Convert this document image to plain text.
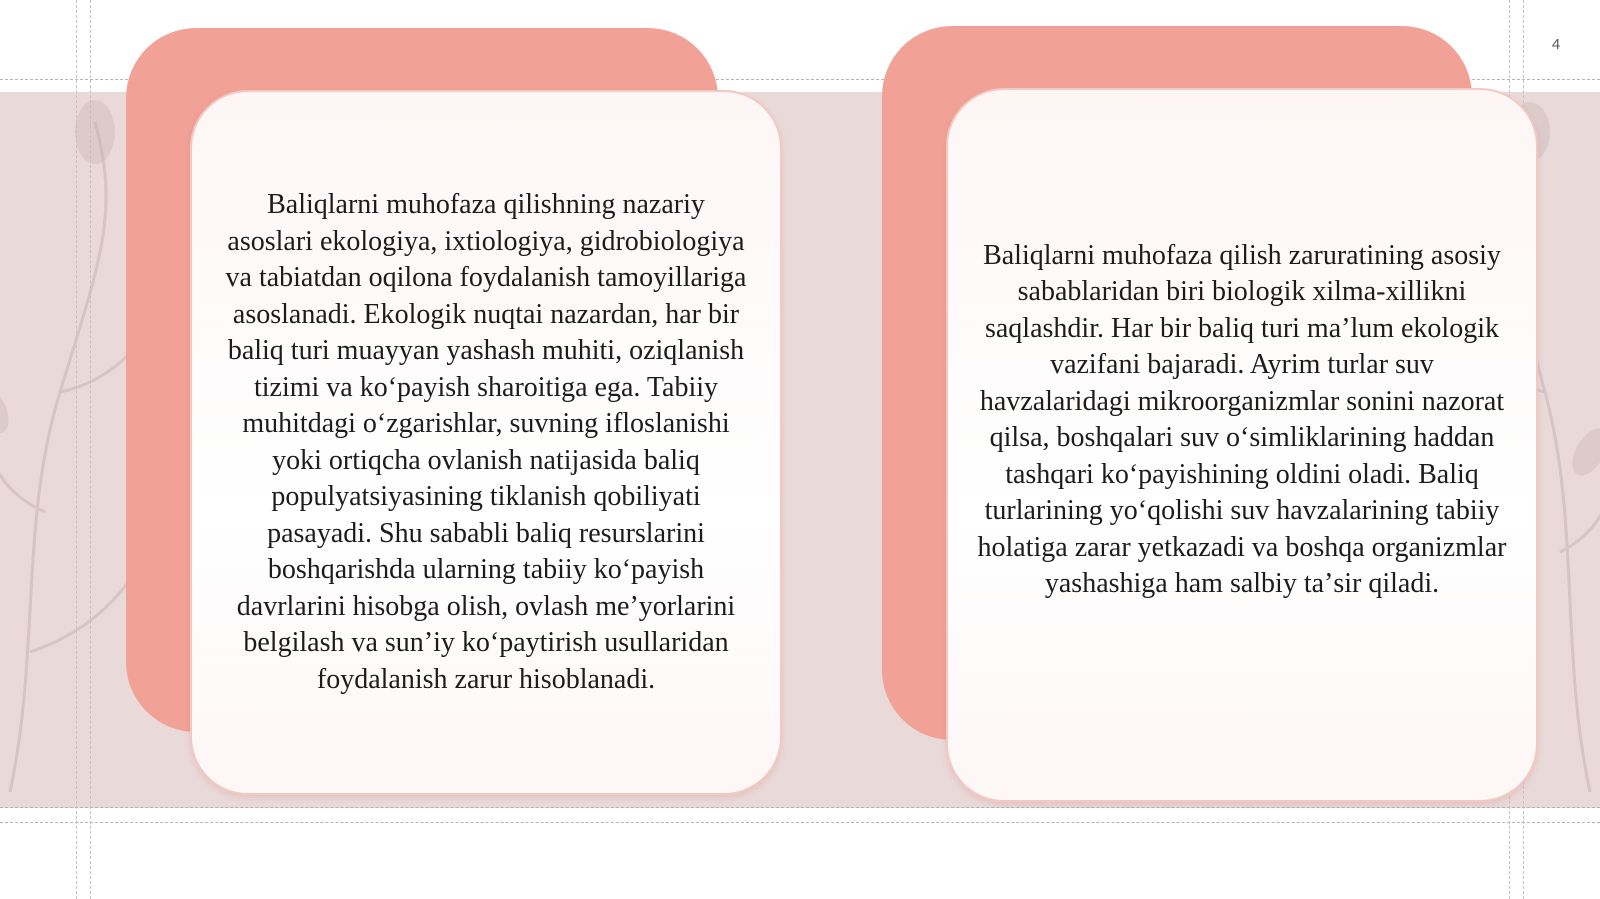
4

Baliqlarni muhofaza qilishning nazariy asoslari ekologiya, ixtiologiya, gidrobiologiya va tabiatdan oqilona foydalanish tamoyillariga asoslanadi. Ekologik nuqtai nazardan, har bir baliq turi muayyan yashash muhiti, oziqlanish tizimi va koʻpayish sharoitiga ega. Tabiiy muhitdagi oʻzgarishlar, suvning ifloslanishi yoki ortiqcha ovlanish natijasida baliq populyatsiyasining tiklanish qobiliyati pasayadi. Shu sababli baliq resurslarini boshqarishda ularning tabiiy koʻpayish davrlarini hisobga olish, ovlash meʼyorlarini belgilash va sunʼiy koʻpaytirish usullaridan foydalanish zarur hisoblanadi.

Baliqlarni muhofaza qilish zaruratining asosiy sabablaridan biri biologik xilma-xillikni saqlashdir. Har bir baliq turi maʼlum ekologik vazifani bajaradi. Ayrim turlar suv havzalaridagi mikroorganizmlar sonini nazorat qilsa, boshqalari suv oʻsimliklarining haddan tashqari koʻpayishining oldini oladi. Baliq turlarining yoʻqolishi suv havzalarining tabiiy holatiga zarar yetkazadi va boshqa organizmlar yashashiga ham salbiy taʼsir qiladi.
